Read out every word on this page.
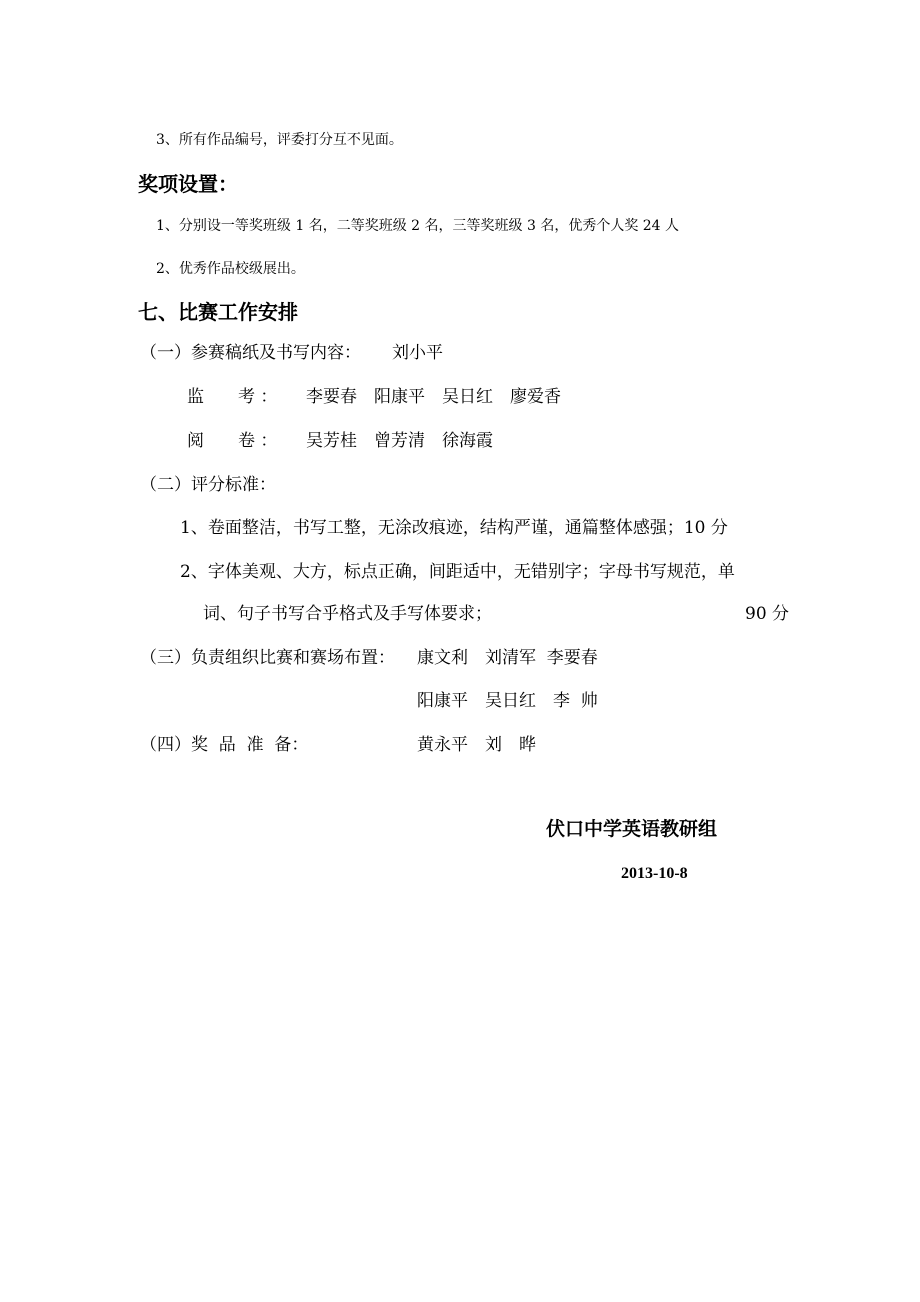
3、所有作品编号，评委打分互不见面。
奖项设置：
1、分别设一等奖班级 1 名，二等奖班级 2 名，三等奖班级 3 名，优秀个人奖 24 人
2、优秀作品校级展出。
七、比赛工作安排
（一）参赛稿纸及书写内容： 刘小平
监　　考 ： 李要春　阳康平　吴日红　廖爱香
阅　　卷 ： 吴芳桂　曾芳清　徐海霞
（二）评分标准：
1、卷面整洁，书写工整，无涂改痕迹，结构严谨，通篇整体感强；10 分
2、字体美观、大方，标点正确，间距适中，无错别字；字母书写规范，单
词、句子书写合乎格式及手写体要求；	90 分
（三）负责组织比赛和赛场布置： 康文利　刘清军  李要春
阳康平　吴日红　李  帅
（四）奖  品  准  备：	黄永平　刘　晔
伏口中学英语教研组
2013-10-8
